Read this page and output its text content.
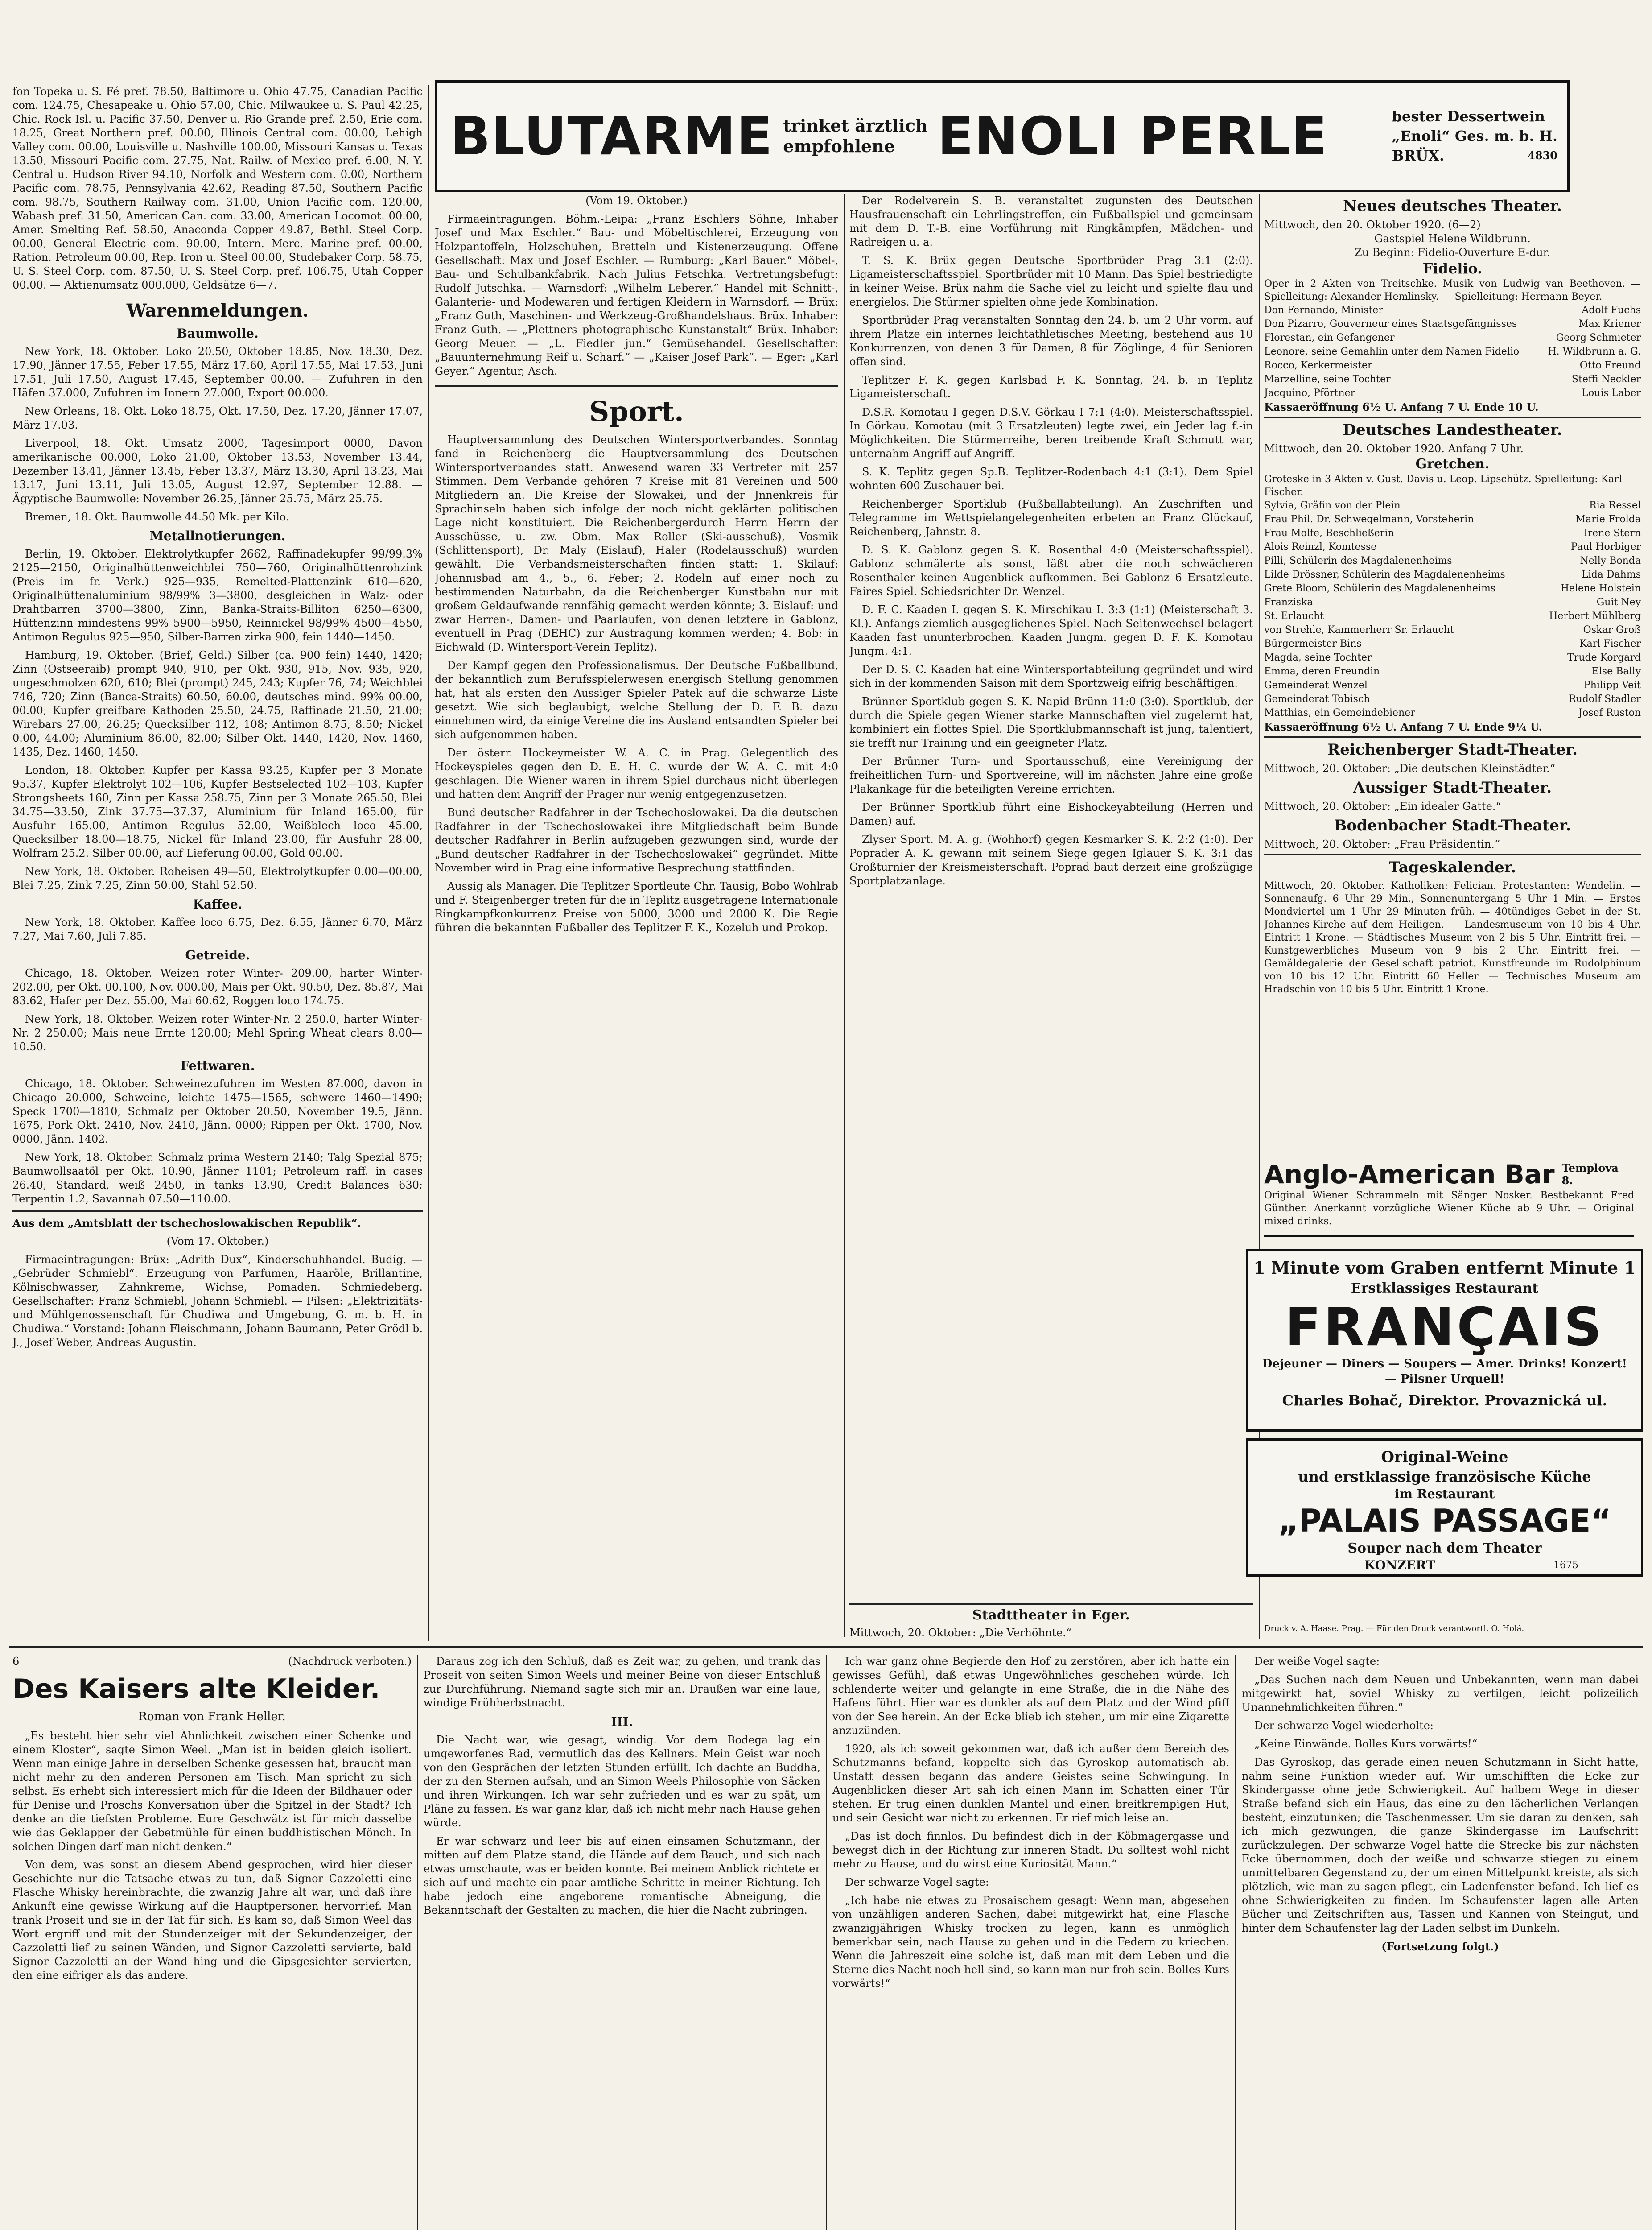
fon Topeka u. S. Fé pref. 78.50, Baltimore u. Ohio 47.75, Canadian Pacific com. 124.75, Chesapeake u. Ohio 57.00, Chic. Milwaukee u. S. Paul 42.25, Chic. Rock Isl. u. Pacific 37.50, Denver u. Rio Grande pref. 2.50, Erie com. 18.25, Great Northern pref. 00.00, Illinois Central com. 00.00, Lehigh Valley com. 00.00, Louisville u. Nashville 100.00, Missouri Kansas u. Texas 13.50, Missouri Pacific com. 27.75, Nat. Railw. of Mexico pref. 6.00, N. Y. Central u. Hudson River 94.10, Norfolk and Western com. 0.00, Northern Pacific com. 78.75, Pennsylvania 42.62, Reading 87.50, Southern Pacific com. 98.75, Southern Railway com. 31.00, Union Pacific com. 120.00, Wabash pref. 31.50, American Can. com. 33.00, American Locomot. 00.00, Amer. Smelting Ref. 58.50, Anaconda Copper 49.87, Bethl. Steel Corp. 00.00, General Electric com. 90.00, Intern. Merc. Marine pref. 00.00, Ration. Petroleum 00.00, Rep. Iron u. Steel 00.00, Studebaker Corp. 58.75, U. S. Steel Corp. com. 87.50, U. S. Steel Corp. pref. 106.75, Utah Copper 00.00. — Aktienumsatz 000.000, Geldsätze 6—7.

Warenmeldungen.
Baumwolle.

New York, 18. Oktober. Loko 20.50, Oktober 18.85, Nov. 18.30, Dez. 17.90, Jänner 17.55, Feber 17.55, März 17.60, April 17.55, Mai 17.53, Juni 17.51, Juli 17.50, August 17.45, September 00.00. — Zufuhren in den Häfen 37.000, Zufuhren im Innern 27.000, Export 00.000.

New Orleans, 18. Okt. Loko 18.75, Okt. 17.50, Dez. 17.20, Jänner 17.07, März 17.03.

Liverpool, 18. Okt. Umsatz 2000, Tagesimport 0000, Davon amerikanische 00.000, Loko 21.00, Oktober 13.53, November 13.44, Dezember 13.41, Jänner 13.45, Feber 13.37, März 13.30, April 13.23, Mai 13.17, Juni 13.11, Juli 13.05, August 12.97, September 12.88. — Ägyptische Baumwolle: November 26.25, Jänner 25.75, März 25.75.

Bremen, 18. Okt. Baumwolle 44.50 Mk. per Kilo.

Metallnotierungen.

Berlin, 19. Oktober. Elektrolytkupfer 2662, Raffinadekupfer 99/99.3% 2125—2150, Originalhüttenweichblei 750—760, Originalhüttenrohzink (Preis im fr. Verk.) 925—935, Remelted-Plattenzink 610—620, Originalhüttenaluminium 98/99% 3—3800, desgleichen in Walz- oder Drahtbarren 3700—3800, Zinn, Banka-Straits-Billiton 6250—6300, Hüttenzinn mindestens 99% 5900—5950, Reinnickel 98/99% 4500—4550, Antimon Regulus 925—950, Silber-Barren zirka 900, fein 1440—1450.

Hamburg, 19. Oktober. (Brief, Geld.) Silber (ca. 900 fein) 1440, 1420; Zinn (Ostseeraib) prompt 940, 910, per Okt. 930, 915, Nov. 935, 920, ungeschmolzen 620, 610; Blei (prompt) 245, 243; Kupfer 76, 74; Weichblei 746, 720; Zinn (Banca-Straits) 60.50, 60.00, deutsches mind. 99% 00.00, 00.00; Kupfer greifbare Kathoden 25.50, 24.75, Raffinade 21.50, 21.00; Wirebars 27.00, 26.25; Quecksilber 112, 108; Antimon 8.75, 8.50; Nickel 0.00, 44.00; Aluminium 86.00, 82.00; Silber Okt. 1440, 1420, Nov. 1460, 1435, Dez. 1460, 1450.

London, 18. Oktober. Kupfer per Kassa 93.25, Kupfer per 3 Monate 95.37, Kupfer Elektrolyt 102—106, Kupfer Bestselected 102—103, Kupfer Strongsheets 160, Zinn per Kassa 258.75, Zinn per 3 Monate 265.50, Blei 34.75—33.50, Zink 37.75—37.37, Aluminium für Inland 165.00, für Ausfuhr 165.00, Antimon Regulus 52.00, Weißblech loco 45.00, Quecksilber 18.00—18.75, Nickel für Inland 23.00, für Ausfuhr 28.00, Wolfram 25.2. Silber 00.00, auf Lieferung 00.00, Gold 00.00.

New York, 18. Oktober. Roheisen 49—50, Elektrolytkupfer 0.00—00.00, Blei 7.25, Zink 7.25, Zinn 50.00, Stahl 52.50.

Kaffee.

New York, 18. Oktober. Kaffee loco 6.75, Dez. 6.55, Jänner 6.70, März 7.27, Mai 7.60, Juli 7.85.

Getreide.

Chicago, 18. Oktober. Weizen roter Winter- 209.00, harter Winter- 202.00, per Okt. 00.100, Nov. 000.00, Mais per Okt. 90.50, Dez. 85.87, Mai 83.62, Hafer per Dez. 55.00, Mai 60.62, Roggen loco 174.75.

New York, 18. Oktober. Weizen roter Winter-Nr. 2 250.0, harter Winter-Nr. 2 250.00; Mais neue Ernte 120.00; Mehl Spring Wheat clears 8.00—10.50.

Fettwaren.

Chicago, 18. Oktober. Schweinezufuhren im Westen 87.000, davon in Chicago 20.000, Schweine, leichte 1475—1565, schwere 1460—1490; Speck 1700—1810, Schmalz per Oktober 20.50, November 19.5, Jänn. 1675, Pork Okt. 2410, Nov. 2410, Jänn. 0000; Rippen per Okt. 1700, Nov. 0000, Jänn. 1402.

New York, 18. Oktober. Schmalz prima Western 2140; Talg Spezial 875; Baumwollsaatöl per Okt. 10.90, Jänner 1101; Petroleum raff. in cases 26.40, Standard, weiß 2450, in tanks 13.90, Credit Balances 630; Terpentin 1.2, Savannah 07.50—110.00.

Aus dem „Amtsblatt der tschechoslowakischen Republik“.

(Vom 17. Oktober.)

Firmaeintragungen: Brüx: „Adrith Dux“, Kinderschuhhandel. Budig. — „Gebrüder Schmiebl“. Erzeugung von Parfumen, Haaröle, Brillantine, Kölnischwasser, Zahnkreme, Wichse, Pomaden. Schmiedeberg. Gesellschafter: Franz Schmiebl, Johann Schmiebl. — Pilsen: „Elektrizitäts- und Mühlgenossenschaft für Chudiwa und Umgebung, G. m. b. H. in Chudiwa.“ Vorstand: Johann Fleischmann, Johann Baumann, Peter Grödl b. J., Josef Weber, Andreas Augustin.

BLUTARME trinket ärztlich
empfohlene ENOLI PERLE	bester Dessertwein
„Enoli“ Ges. m. b. H.
BRÜX.	4830

(Vom 19. Oktober.)

Firmaeintragungen. Böhm.-Leipa: „Franz Eschlers Söhne, Inhaber Josef und Max Eschler.“ Bau- und Möbeltischlerei, Erzeugung von Holzpantoffeln, Holzschuhen, Bretteln und Kistenerzeugung. Offene Gesellschaft: Max und Josef Eschler. — Rumburg: „Karl Bauer.“ Möbel-, Bau- und Schulbankfabrik. Nach Julius Fetschka. Vertretungsbefugt: Rudolf Jutschka. — Warnsdorf: „Wilhelm Leberer.“ Handel mit Schnitt-, Galanterie- und Modewaren und fertigen Kleidern in Warnsdorf. — Brüx: „Franz Guth, Maschinen- und Werkzeug-Großhandelshaus. Brüx. Inhaber: Franz Guth. — „Plettners photographische Kunstanstalt“ Brüx. Inhaber: Georg Meuer. — „L. Fiedler jun.“ Gemüsehandel. Gesellschafter: „Bauunternehmung Reif u. Scharf.“ — „Kaiser Josef Park“. — Eger: „Karl Geyer.“ Agentur, Asch.

Sport.

Hauptversammlung des Deutschen Wintersportverbandes. Sonntag fand in Reichenberg die Hauptversammlung des Deutschen Wintersportverbandes statt. Anwesend waren 33 Vertreter mit 257 Stimmen. Dem Verbande gehören 7 Kreise mit 81 Vereinen und 500 Mitgliedern an. Die Kreise der Slowakei, und der Jnnenkreis für Sprachinseln haben sich infolge der noch nicht geklärten politischen Lage nicht konstituiert. Die Reichenbergerdurch Herrn Herrn der Ausschüsse, u. zw. Obm. Max Roller (Ski-ausschuß), Vosmik (Schlittensport), Dr. Maly (Eislauf), Haler (Rodelausschuß) wurden gewählt. Die Verbandsmeisterschaften finden statt: 1. Skilauf: Johannisbad am 4., 5., 6. Feber; 2. Rodeln auf einer noch zu bestimmenden Naturbahn, da die Reichenberger Kunstbahn nur mit großem Geldaufwande rennfähig gemacht werden könnte; 3. Eislauf: und zwar Herren-, Damen- und Paarlaufen, von denen letztere in Gablonz, eventuell in Prag (DEHC) zur Austragung kommen werden; 4. Bob: in Eichwald (D. Wintersport-Verein Teplitz).

Der Kampf gegen den Professionalismus. Der Deutsche Fußballbund, der bekanntlich zum Berufsspielerwesen energisch Stellung genommen hat, hat als ersten den Aussiger Spieler Patek auf die schwarze Liste gesetzt. Wie sich beglaubigt, welche Stellung der D. F. B. dazu einnehmen wird, da einige Vereine die ins Ausland entsandten Spieler bei sich aufgenommen haben.

Der österr. Hockeymeister W. A. C. in Prag. Gelegentlich des Hockeyspieles gegen den D. E. H. C. wurde der W. A. C. mit 4:0 geschlagen. Die Wiener waren in ihrem Spiel durchaus nicht überlegen und hatten dem Angriff der Prager nur wenig entgegenzusetzen.

Bund deutscher Radfahrer in der Tschechoslowakei. Da die deutschen Radfahrer in der Tschechoslowakei ihre Mitgliedschaft beim Bunde deutscher Radfahrer in Berlin aufzugeben gezwungen sind, wurde der „Bund deutscher Radfahrer in der Tschechoslowakei“ gegründet. Mitte November wird in Prag eine informative Besprechung stattfinden.

Aussig als Manager. Die Teplitzer Sportleute Chr. Tausig, Bobo Wohlrab und F. Steigenberger treten für die in Teplitz ausgetragene Internationale Ringkampfkonkurrenz Preise von 5000, 3000 und 2000 K. Die Regie führen die bekannten Fußballer des Teplitzer F. K., Kozeluh und Prokop.

Der Rodelverein S. B. veranstaltet zugunsten des Deutschen Hausfrauenschaft ein Lehrlingstreffen, ein Fußballspiel und gemeinsam mit dem D. T.-B. eine Vorführung mit Ringkämpfen, Mädchen- und Radreigen u. a.

T. S. K. Brüx gegen Deutsche Sportbrüder Prag 3:1 (2:0). Ligameisterschaftsspiel. Sportbrüder mit 10 Mann. Das Spiel bestriedigte in keiner Weise. Brüx nahm die Sache viel zu leicht und spielte flau und energielos. Die Stürmer spielten ohne jede Kombination.

Sportbrüder Prag veranstalten Sonntag den 24. b. um 2 Uhr vorm. auf ihrem Platze ein internes leichtathletisches Meeting, bestehend aus 10 Konkurrenzen, von denen 3 für Damen, 8 für Zöglinge, 4 für Senioren offen sind.

Teplitzer F. K. gegen Karlsbad F. K. Sonntag, 24. b. in Teplitz Ligameisterschaft.

D.S.R. Komotau I gegen D.S.V. Görkau I 7:1 (4:0). Meisterschaftsspiel. In Görkau. Komotau (mit 3 Ersatzleuten) legte zwei, ein Jeder lag f.-in Möglichkeiten. Die Stürmerreihe, beren treibende Kraft Schmutt war, unternahm Angriff auf Angriff.

S. K. Teplitz gegen Sp.B. Teplitzer-Rodenbach 4:1 (3:1). Dem Spiel wohnten 600 Zuschauer bei.

Reichenberger Sportklub (Fußballabteilung). An Zuschriften und Telegramme im Wettspielangelegenheiten erbeten an Franz Glückauf, Reichenberg, Jahnstr. 8.

D. S. K. Gablonz gegen S. K. Rosenthal 4:0 (Meisterschaftsspiel). Gablonz schmälerte als sonst, läßt aber die noch schwächeren Rosenthaler keinen Augenblick aufkommen. Bei Gablonz 6 Ersatzleute. Faires Spiel. Schiedsrichter Dr. Wenzel.

D. F. C. Kaaden I. gegen S. K. Mirschikau I. 3:3 (1:1) (Meisterschaft 3. Kl.). Anfangs ziemlich ausgeglichenes Spiel. Nach Seitenwechsel belagert Kaaden fast ununterbrochen. Kaaden Jungm. gegen D. F. K. Komotau Jungm. 4:1.

Der D. S. C. Kaaden hat eine Wintersportabteilung gegründet und wird sich in der kommenden Saison mit dem Sportzweig eifrig beschäftigen.

Brünner Sportklub gegen S. K. Napid Brünn 11:0 (3:0). Sportklub, der durch die Spiele gegen Wiener starke Mannschaften viel zugelernt hat, kombiniert ein flottes Spiel. Die Sportklubmannschaft ist jung, talentiert, sie trefft nur Training und ein geeigneter Platz.

Der Brünner Turn- und Sportausschuß, eine Vereinigung der freiheitlichen Turn- und Sportvereine, will im nächsten Jahre eine große Plakankage für die beteiligten Vereine errichten.

Der Brünner Sportklub führt eine Eishockeyabteilung (Herren und Damen) auf.

Zlyser Sport. M. A. g. (Wohhorf) gegen Kesmarker S. K. 2:2 (1:0). Der Poprader A. K. gewann mit seinem Siege gegen Iglauer S. K. 3:1 das Großturnier der Kreismeisterschaft. Poprad baut derzeit eine großzügige Sportplatzanlage.

Stadttheater in Eger.
Mittwoch, 20. Oktober: „Die Verhöhnte.“
Neues deutsches Theater.
Mittwoch, den 20. Oktober 1920. (6—2)
Gastspiel Helene Wildbrunn.
Zu Beginn: Fidelio-Ouverture E-dur.
Fidelio.
Oper in 2 Akten von Treitschke. Musik von Ludwig van Beethoven. — Spielleitung: Alexander Hemlinsky. — Spielleitung: Hermann Beyer.
Don Fernando, Minister	Adolf Fuchs
Don Pizarro, Gouverneur eines Staatsgefängnisses	Max Kriener
Florestan, ein Gefangener	Georg Schmieter
Leonore, seine Gemahlin unter dem Namen Fidelio	H. Wildbrunn a. G.
Rocco, Kerkermeister	Otto Freund
Marzelline, seine Tochter	Steffi Neckler
Jacquino, Pförtner	Louis Laber
Kassaeröffnung 6½ U. Anfang 7 U. Ende 10 U.
Deutsches Landestheater.
Mittwoch, den 20. Oktober 1920. Anfang 7 Uhr.
Gretchen.
Groteske in 3 Akten v. Gust. Davis u. Leop. Lipschütz. Spielleitung: Karl Fischer.
Sylvia, Gräfin von der Plein	Ria Ressel
Frau Phil. Dr. Schwegelmann, Vorsteherin	Marie Frolda
Frau Molfe, Beschließerin	Irene Stern
Alois Reinzl, Komtesse	Paul Horbiger
Pilli, Schülerin des Magdalenenheims	Nelly Bonda
Lilde Drössner, Schülerin des Magdalenenheims	Lida Dahms
Grete Bloom, Schülerin des Magdalenenheims	Helene Holstein
Franziska	Guit Ney
St. Erlaucht	Herbert Mühlberg
von Strehle, Kammerherr Sr. Erlaucht	Oskar Groß
Bürgermeister Bins	Karl Fischer
Magda, seine Tochter	Trude Korgard
Emma, deren Freundin	Else Bally
Gemeinderat Wenzel	Philipp Veit
Gemeinderat Tobisch	Rudolf Stadler
Matthias, ein Gemeindebiener	Josef Ruston
Kassaeröffnung 6½ U. Anfang 7 U. Ende 9¼ U.
Reichenberger Stadt-Theater.
Mittwoch, 20. Oktober: „Die deutschen Kleinstädter.“
Aussiger Stadt-Theater.
Mittwoch, 20. Oktober: „Ein idealer Gatte.“
Bodenbacher Stadt-Theater.
Mittwoch, 20. Oktober: „Frau Präsidentin.“
Tageskalender.
Mittwoch, 20. Oktober. Katholiken: Felician. Protestanten: Wendelin. — Sonnenaufg. 6 Uhr 29 Min., Sonnenuntergang 5 Uhr 1 Min. — Erstes Mondviertel um 1 Uhr 29 Minuten früh. — 40tündiges Gebet in der St. Johannes-Kirche auf dem Heiligen. — Landesmuseum von 10 bis 4 Uhr. Eintritt 1 Krone. — Städtisches Museum von 2 bis 5 Uhr. Eintritt frei. — Kunstgewerbliches Museum von 9 bis 2 Uhr. Eintritt frei. — Gemäldegalerie der Gesellschaft patriot. Kunstfreunde im Rudolphinum von 10 bis 12 Uhr. Eintritt 60 Heller. — Technisches Museum am Hradschin von 10 bis 5 Uhr. Eintritt 1 Krone.
Anglo-American Bar Templova 8.
Original Wiener Schrammeln mit Sänger Nosker. Bestbekannt Fred Günther. Anerkannt vorzügliche Wiener Küche ab 9 Uhr. — Original mixed drinks.
1 Minute vom Graben entfernt Minute 1
Erstklassiges Restaurant
FRANÇAIS
Dejeuner — Diners — Soupers — Amer. Drinks! Konzert! — Pilsner Urquell!
Charles Bohač, Direktor. Provaznická ul.
Original-Weine
und erstklassige französische Küche
im Restaurant
„PALAIS PASSAGE“
Souper nach dem Theater
KONZERT	1675
Druck v. A. Haase. Prag. — Für den Druck verantwortl. O. Holá.
6	(Nachdruck verboten.)
Des Kaisers alte Kleider.
Roman von Frank Heller.

„Es besteht hier sehr viel Ähnlichkeit zwischen einer Schenke und einem Kloster“, sagte Simon Weel. „Man ist in beiden gleich isoliert. Wenn man einige Jahre in derselben Schenke gesessen hat, braucht man nicht mehr zu den anderen Personen am Tisch. Man spricht zu sich selbst. Es erhebt sich interessiert mich für die Ideen der Bildhauer oder für Denise und Proschs Konversation über die Spitzel in der Stadt? Ich denke an die tiefsten Probleme. Eure Geschwätz ist für mich dasselbe wie das Geklapper der Gebetmühle für einen buddhistischen Mönch. In solchen Dingen darf man nicht denken.“

Von dem, was sonst an diesem Abend gesprochen, wird hier dieser Geschichte nur die Tatsache etwas zu tun, daß Signor Cazzoletti eine Flasche Whisky hereinbrachte, die zwanzig Jahre alt war, und daß ihre Ankunft eine gewisse Wirkung auf die Hauptpersonen hervorrief. Man trank Proseit und sie in der Tat für sich. Es kam so, daß Simon Weel das Wort ergriff und mit der Stundenzeiger mit der Sekundenzeiger, der Cazzoletti lief zu seinen Wänden, und Signor Cazzoletti servierte, bald Signor Cazzoletti an der Wand hing und die Gipsgesichter servierten, den eine eifriger als das andere.

Daraus zog ich den Schluß, daß es Zeit war, zu gehen, und trank das Proseit von seiten Simon Weels und meiner Beine von dieser Entschluß zur Durchführung. Niemand sagte sich mir an. Draußen war eine laue, windige Frühherbstnacht.

III.

Die Nacht war, wie gesagt, windig. Vor dem Bodega lag ein umgeworfenes Rad, vermutlich das des Kellners. Mein Geist war noch von den Gesprächen der letzten Stunden erfüllt. Ich dachte an Buddha, der zu den Sternen aufsah, und an Simon Weels Philosophie von Säcken und ihren Wirkungen. Ich war sehr zufrieden und es war zu spät, um Pläne zu fassen. Es war ganz klar, daß ich nicht mehr nach Hause gehen würde.

Er war schwarz und leer bis auf einen einsamen Schutzmann, der mitten auf dem Platze stand, die Hände auf dem Bauch, und sich nach etwas umschaute, was er beiden konnte. Bei meinem Anblick richtete er sich auf und machte ein paar amtliche Schritte in meiner Richtung. Ich habe jedoch eine angeborene romantische Abneigung, die Bekanntschaft der Gestalten zu machen, die hier die Nacht zubringen.

Ich war ganz ohne Begierde den Hof zu zerstören, aber ich hatte ein gewisses Gefühl, daß etwas Ungewöhnliches geschehen würde. Ich schlenderte weiter und gelangte in eine Straße, die in die Nähe des Hafens führt. Hier war es dunkler als auf dem Platz und der Wind pfiff von der See herein. An der Ecke blieb ich stehen, um mir eine Zigarette anzuzünden.

1920, als ich soweit gekommen war, daß ich außer dem Bereich des Schutzmanns befand, koppelte sich das Gyroskop automatisch ab. Unstatt dessen begann das andere Geistes seine Schwingung. In Augenblicken dieser Art sah ich einen Mann im Schatten einer Tür stehen. Er trug einen dunklen Mantel und einen breitkrempigen Hut, und sein Gesicht war nicht zu erkennen. Er rief mich leise an.

„Das ist doch finnlos. Du befindest dich in der Köbmagergasse und bewegst dich in der Richtung zur inneren Stadt. Du solltest wohl nicht mehr zu Hause, und du wirst eine Kuriosität Mann.“

Der schwarze Vogel sagte:

„Ich habe nie etwas zu Prosaischem gesagt: Wenn man, abgesehen von unzähligen anderen Sachen, dabei mitgewirkt hat, eine Flasche zwanzigjährigen Whisky trocken zu legen, kann es unmöglich bemerkbar sein, nach Hause zu gehen und in die Federn zu kriechen. Wenn die Jahreszeit eine solche ist, daß man mit dem Leben und die Sterne dies Nacht noch hell sind, so kann man nur froh sein. Bolles Kurs vorwärts!“

Der weiße Vogel sagte:

„Das Suchen nach dem Neuen und Unbekannten, wenn man dabei mitgewirkt hat, soviel Whisky zu vertilgen, leicht polizeilich Unannehmlichkeiten führen.“

Der schwarze Vogel wiederholte:

„Keine Einwände. Bolles Kurs vorwärts!“

Das Gyroskop, das gerade einen neuen Schutzmann in Sicht hatte, nahm seine Funktion wieder auf. Wir umschifften die Ecke zur Skindergasse ohne jede Schwierigkeit. Auf halbem Wege in dieser Straße befand sich ein Haus, das eine zu den lächerlichen Verlangen besteht, einzutunken; die Taschenmesser. Um sie daran zu denken, sah ich mich gezwungen, die ganze Skindergasse im Laufschritt zurückzulegen. Der schwarze Vogel hatte die Strecke bis zur nächsten Ecke übernommen, doch der weiße und schwarze stiegen zu einem unmittelbaren Gegenstand zu, der um einen Mittelpunkt kreiste, als sich plötzlich, wie man zu sagen pflegt, ein Ladenfenster befand. Ich lief es ohne Schwierigkeiten zu finden. Im Schaufenster lagen alle Arten Bücher und Zeitschriften aus, Tassen und Kannen von Steingut, und hinter dem Schaufenster lag der Laden selbst im Dunkeln.

(Fortsetzung folgt.)
